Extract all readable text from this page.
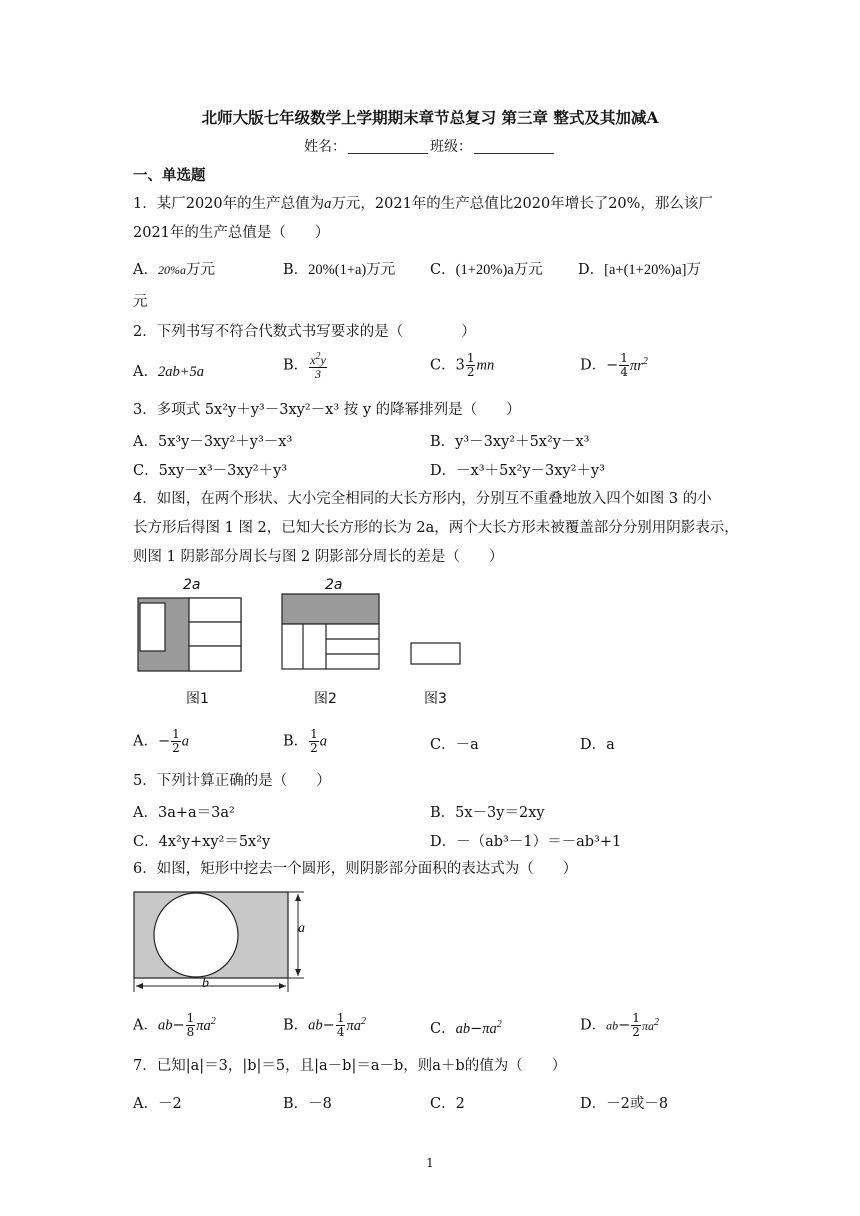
北师大版七年级数学上学期期末章节总复习 第三章 整式及其加减A
姓名：	班级：
一、单选题
1．某厂2020年的生产总值为a万元，2021年的生产总值比2020年增长了20%，那么该厂
2021年的生产总值是（　　）
A．20%a万元	B．20%(1+a)万元 C．(1+20%)a万元 D．[a+(1+20%)a]万
元
2．下列书写不符合代数式书写要求的是（　　　　）
A．2ab+5a	B． $\frac{x^2y}{3}$	C．$3 \frac{1}{2}$ mn	D．− $\frac{1}{4} \pi r^2$
3．多项式 5x²y＋y³－3xy²－x³ 按 y 的降幂排列是（　　）
A．5x³y－3xy²＋y³－x³	B．y³－3xy²＋5x²y－x³
C．5xy－x³－3xy²＋y³	D．－x³＋5x²y－3xy²＋y³
4．如图，在两个形状、大小完全相同的大长方形内，分别互不重叠地放入四个如图 3 的小
长方形后得图 1 图 2，已知大长方形的长为 2a，两个大长方形未被覆盖部分分别用阴影表示，
则图 1 阴影部分周长与图 2 阴影部分周长的差是（　　）
2a
图1
2a
图2	图3
A．− $\frac{1}{2}$ a	B． $\frac{1}{2}$ a	C．－a	D．a
5．下列计算正确的是（　　）
A．3a+a＝3a²	B．5x－3y＝2xy
C．4x²y+xy²＝5x²y	D．－（ab³－1）＝－ab³+1
6．如图，矩形中挖去一个圆形，则阴影部分面积的表达式为（　　）
a
b
A．$ab- \frac{1}{8} \pi a^2$	B．$ab- \frac{1}{4} \pi a^2$	C．$ab-\pi a^2$	D．$ab- \frac{1}{2} \pi a^2$
7．已知|a|＝3，|b|＝5，且|a－b|＝a－b，则a＋b的值为（　　）
A．－2	B．－8	C．2	D．－2或－8
1
